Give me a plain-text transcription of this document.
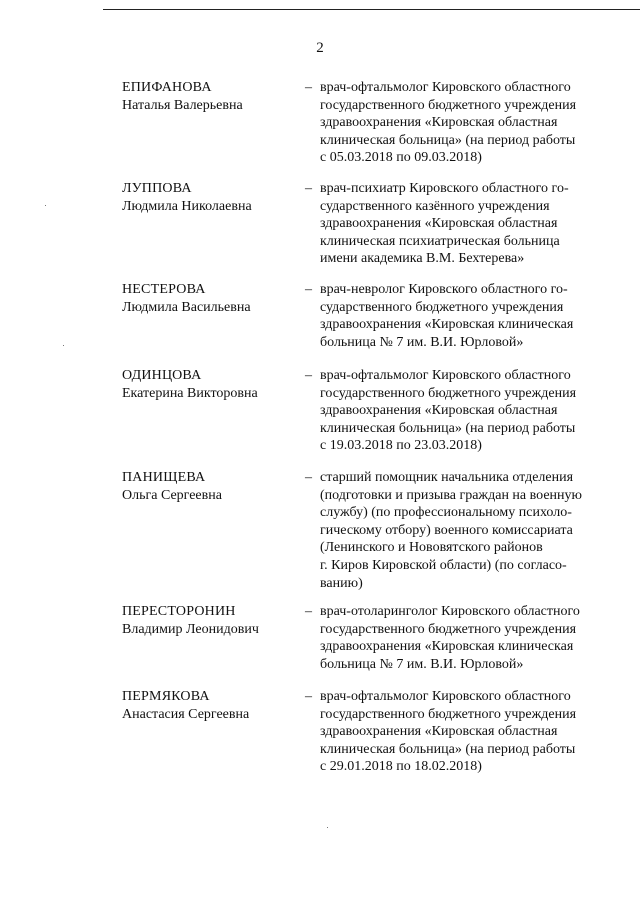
2
ЕПИФАНОВА
Наталья Валерьевна
– врач-офтальмолог Кировского областного
государственного бюджетного учреждения
здравоохранения «Кировская областная
клиническая больница» (на период работы
с 05.03.2018 по 09.03.2018)
ЛУППОВА
Людмила Николаевна
– врач-психиатр Кировского областного го-
сударственного казённого учреждения
здравоохранения «Кировская областная
клиническая психиатрическая больница
имени академика В.М. Бехтерева»
НЕСТЕРОВА
Людмила Васильевна
– врач-невролог Кировского областного го-
сударственного бюджетного учреждения
здравоохранения «Кировская клиническая
больница № 7 им. В.И. Юрловой»
ОДИНЦОВА
Екатерина Викторовна
– врач-офтальмолог Кировского областного
государственного бюджетного учреждения
здравоохранения «Кировская областная
клиническая больница» (на период работы
с 19.03.2018 по 23.03.2018)
ПАНИЩЕВА
Ольга Сергеевна
– старший помощник начальника отделения
(подготовки и призыва граждан на военную
службу) (по профессиональному психоло-
гическому отбору) военного комиссариата
(Ленинского и Нововятского районов
г. Киров Кировской области) (по согласо-
ванию)
ПЕРЕСТОРОНИН
Владимир Леонидович
– врач-отоларинголог Кировского областного
государственного бюджетного учреждения
здравоохранения «Кировская клиническая
больница № 7 им. В.И. Юрловой»
ПЕРМЯКОВА
Анастасия Сергеевна
– врач-офтальмолог Кировского областного
государственного бюджетного учреждения
здравоохранения «Кировская областная
клиническая больница» (на период работы
с 29.01.2018 по 18.02.2018)
